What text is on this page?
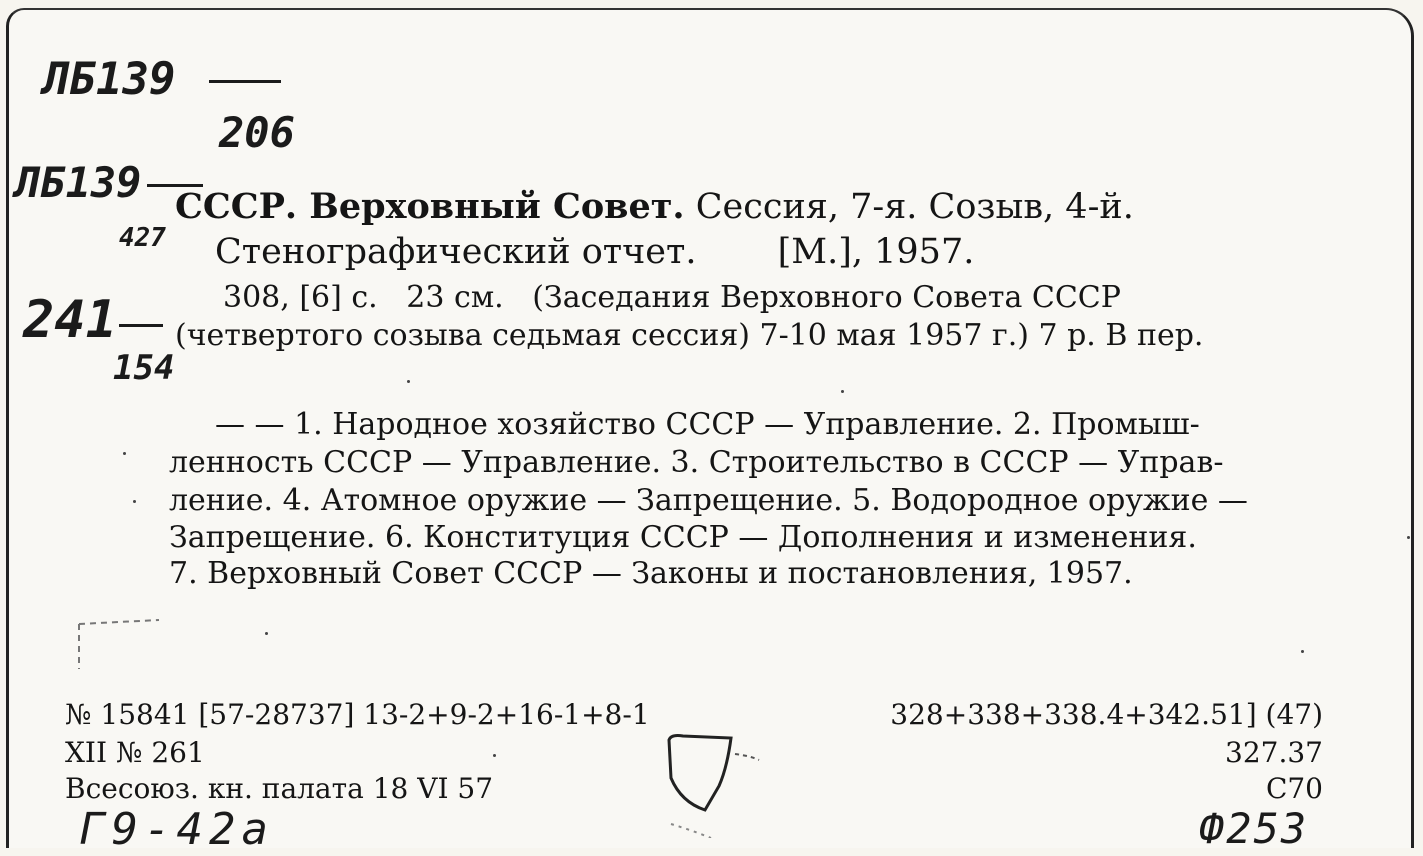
ЛБ139
206
ЛБ139
427
241
154
СССР. Верховный Совет. Сессия, 7-я. Созыв, 4-й.
Стенографический отчет. [М.], 1957.
308, [6] с.   23 см.   (Заседания Верховного Совета СССР
(четвертого созыва седьмая сессия) 7-10 мая 1957 г.) 7 р. В пер.
— — 1. Народное хозяйство СССР — Управление. 2. Промыш-
ленность СССР — Управление. 3. Строительство в СССР — Управ-
ление. 4. Атомное оружие — Запрещение. 5. Водородное оружие —
Запрещение. 6. Конституция СССР — Дополнения и изменения.
7. Верховный Совет СССР — Законы и постановления, 1957.
№ 15841 [57-28737] 13-2+9-2+16-1+8-1	328+338+338.4+342.51] (47)
XII № 261	327.37
Всесоюз. кн. палата 18 VI 57	С70
Г9-42а	Ф253
